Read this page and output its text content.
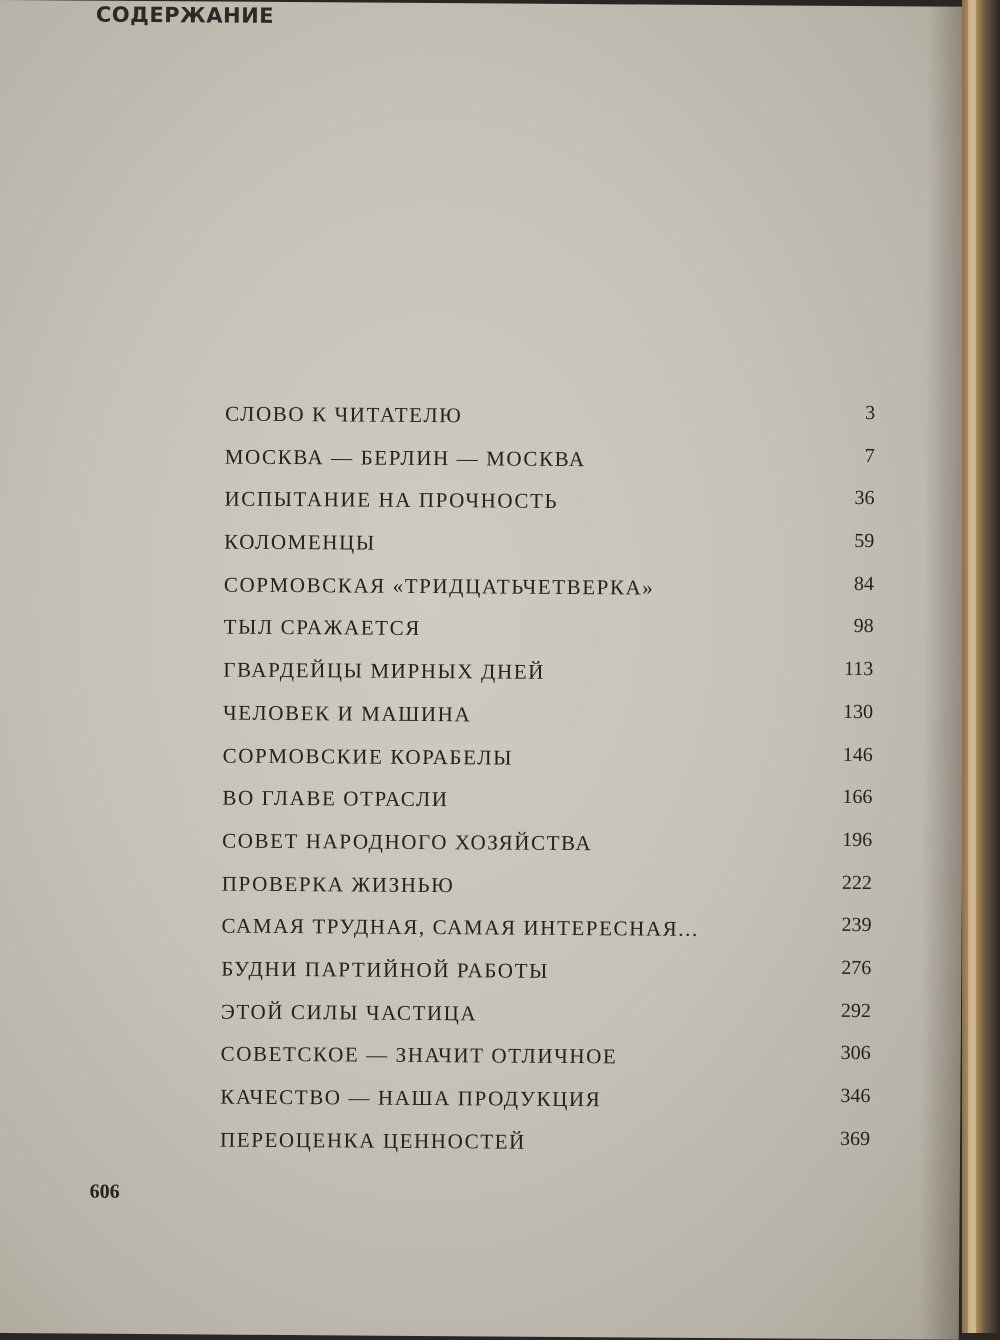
СОДЕРЖАНИЕ
СЛОВО К ЧИТАТЕЛЮ	3
МОСКВА — БЕРЛИН — МОСКВА	7
ИСПЫТАНИЕ НА ПРОЧНОСТЬ	36
КОЛОМЕНЦЫ	59
СОРМОВСКАЯ «ТРИДЦАТЬЧЕТВЕРКА»	84
ТЫЛ СРАЖАЕТСЯ	98
ГВАРДЕЙЦЫ МИРНЫХ ДНЕЙ	113
ЧЕЛОВЕК И МАШИНА	130
СОРМОВСКИЕ КОРАБЕЛЫ	146
ВО ГЛАВЕ ОТРАСЛИ	166
СОВЕТ НАРОДНОГО ХОЗЯЙСТВА	196
ПРОВЕРКА ЖИЗНЬЮ	222
САМАЯ ТРУДНАЯ, САМАЯ ИНТЕРЕСНАЯ...	239
БУДНИ ПАРТИЙНОЙ РАБОТЫ	276
ЭТОЙ СИЛЫ ЧАСТИЦА	292
СОВЕТСКОЕ — ЗНАЧИТ ОТЛИЧНОЕ	306
КАЧЕСТВО — НАША ПРОДУКЦИЯ	346
ПЕРЕОЦЕНКА ЦЕННОСТЕЙ	369
606
